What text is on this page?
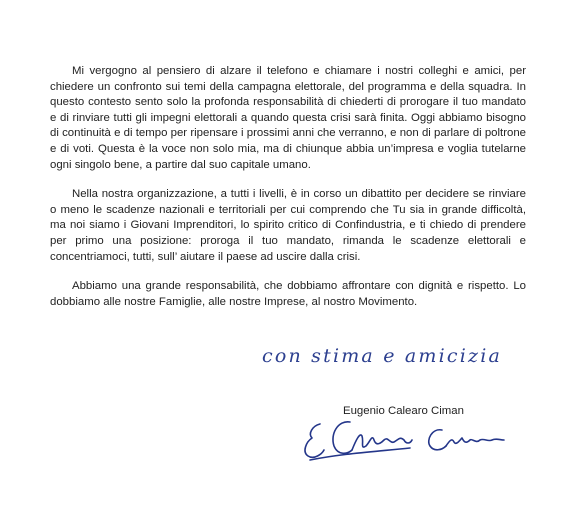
Mi vergogno al pensiero di alzare il telefono e chiamare i nostri colleghi e amici, per chiedere un confronto sui temi della campagna elettorale, del programma e della squadra. In questo contesto sento solo la profonda responsabilità di chiederti di prorogare il tuo mandato e di rinviare tutti gli impegni elettorali a quando questa crisi sarà finita. Oggi abbiamo bisogno di continuità e di tempo per ripensare i prossimi anni che verranno, e non di parlare di poltrone e di voti. Questa è la voce non solo mia, ma di chiunque abbia un’impresa e voglia tutelarne ogni singolo bene, a partire dal suo capitale umano.

Nella nostra organizzazione, a tutti i livelli, è in corso un dibattito per decidere se rinviare o meno le scadenze nazionali e territoriali per cui comprendo che Tu sia in grande difficoltà, ma noi siamo i Giovani Imprenditori, lo spirito critico di Confindustria, e ti chiedo di prendere per primo una posizione: proroga il tuo mandato, rimanda le scadenze elettorali e concentriamoci, tutti, sull’ aiutare il paese ad uscire dalla crisi.

Abbiamo una grande responsabilità, che dobbiamo affrontare con dignità e rispetto. Lo dobbiamo alle nostre Famiglie, alle nostre Imprese, al nostro Movimento.

con stima e amicizia
Eugenio Calearo Ciman
